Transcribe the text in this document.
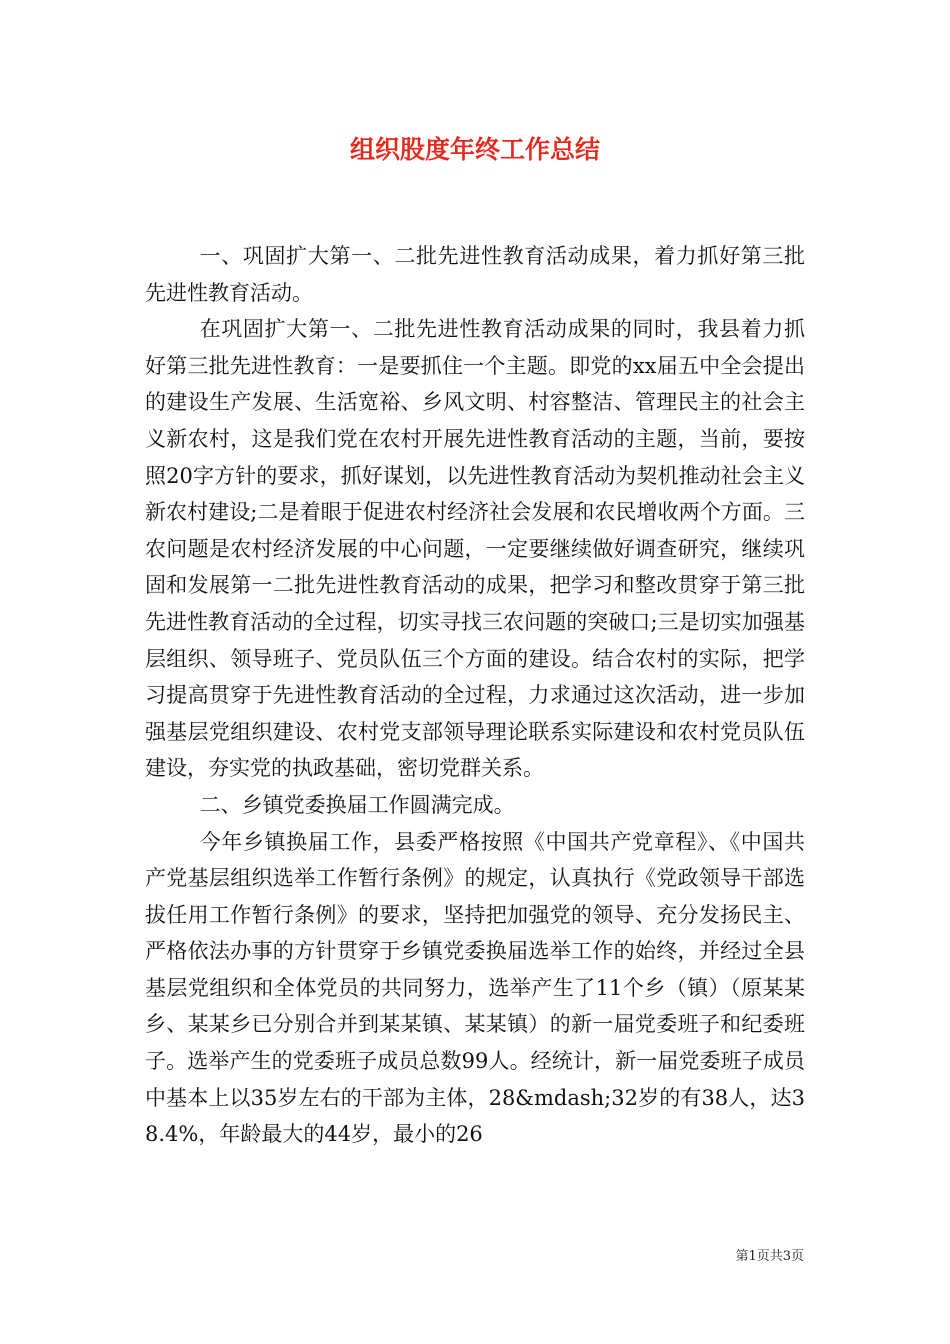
组织股度年终工作总结

一、巩固扩大第一、二批先进性教育活动成果，着力抓好第三批先进性教育活动。

在巩固扩大第一、二批先进性教育活动成果的同时，我县着力抓好第三批先进性教育：一是要抓住一个主题。即党的xx届五中全会提出的建设生产发展、生活宽裕、乡风文明、村容整洁、管理民主的社会主义新农村，这是我们党在农村开展先进性教育活动的主题，当前，要按照20字方针的要求，抓好谋划，以先进性教育活动为契机推动社会主义新农村建设;二是着眼于促进农村经济社会发展和农民增收两个方面。三农问题是农村经济发展的中心问题，一定要继续做好调查研究，继续巩固和发展第一二批先进性教育活动的成果，把学习和整改贯穿于第三批先进性教育活动的全过程，切实寻找三农问题的突破口;三是切实加强基层组织、领导班子、党员队伍三个方面的建设。结合农村的实际，把学习提高贯穿于先进性教育活动的全过程，力求通过这次活动，进一步加强基层党组织建设、农村党支部领导理论联系实际建设和农村党员队伍建设，夯实党的执政基础，密切党群关系。

二、乡镇党委换届工作圆满完成。

今年乡镇换届工作，县委严格按照《中国共产党章程》、《中国共产党基层组织选举工作暂行条例》的规定，认真执行《党政领导干部选拔任用工作暂行条例》的要求，坚持把加强党的领导、充分发扬民主、严格依法办事的方针贯穿于乡镇党委换届选举工作的始终，并经过全县基层党组织和全体党员的共同努力，选举产生了11个乡（镇）（原某某乡、某某乡已分别合并到某某镇、某某镇）的新一届党委班子和纪委班子。选举产生的党委班子成员总数99人。经统计，新一届党委班子成员中基本上以35岁左右的干部为主体，28&mdash;32岁的有38人，达38.4%，年龄最大的44岁，最小的26

第1页共3页
